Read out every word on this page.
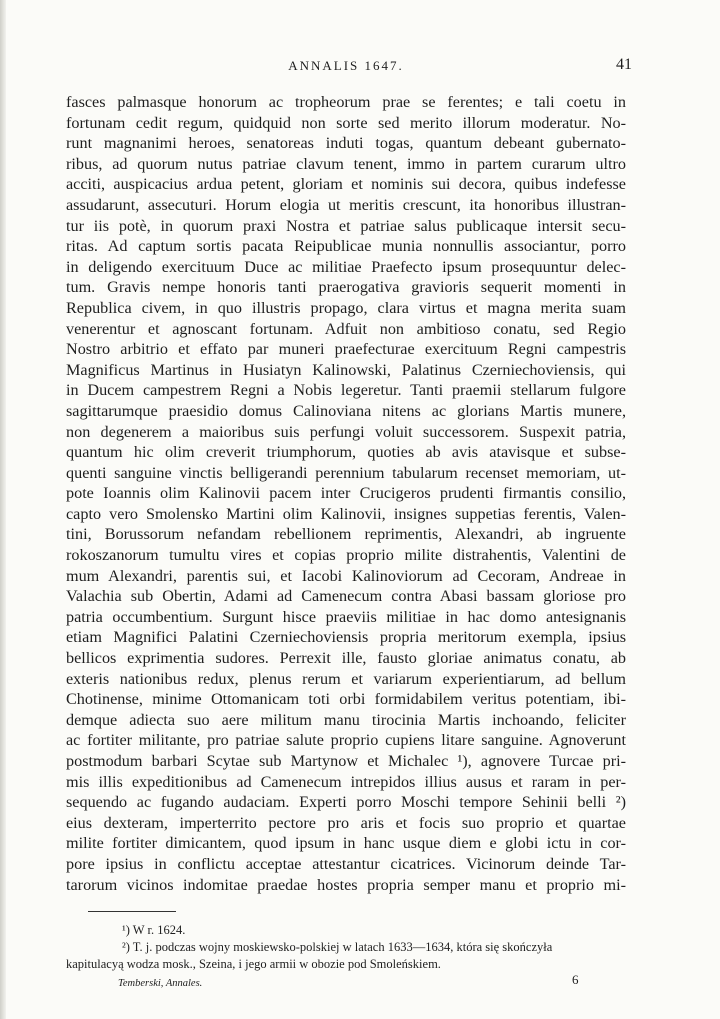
ANNALIS 1647.	41
fasces palmasque honorum ac tropheorum prae se ferentes; e tali coetu in
fortunam cedit regum, quidquid non sorte sed merito illorum moderatur. No-
runt magnanimi heroes, senatoreas induti togas, quantum debeant gubernato-
ribus, ad quorum nutus patriae clavum tenent, immo in partem curarum ultro
acciti, auspicacius ardua petent, gloriam et nominis sui decora, quibus indefesse
assudarunt, assecuturi. Horum elogia ut meritis crescunt, ita honoribus illustran-
tur iis potè, in quorum praxi Nostra et patriae salus publicaque intersit secu-
ritas. Ad captum sortis pacata Reipublicae munia nonnullis associantur, porro
in deligendo exercituum Duce ac militiae Praefecto ipsum prosequuntur delec-
tum. Gravis nempe honoris tanti praerogativa gravioris sequerit momenti in
Republica civem, in quo illustris propago, clara virtus et magna merita suam
venerentur et agnoscant fortunam. Adfuit non ambitioso conatu, sed Regio
Nostro arbitrio et effato par muneri praefecturae exercituum Regni campestris
Magnificus Martinus in Husiatyn Kalinowski, Palatinus Czerniechoviensis, qui
in Ducem campestrem Regni a Nobis legeretur. Tanti praemii stellarum fulgore
sagittarumque praesidio domus Calinoviana nitens ac glorians Martis munere,
non degenerem a maioribus suis perfungi voluit successorem. Suspexit patria,
quantum hic olim creverit triumphorum, quoties ab avis atavisque et subse-
quenti sanguine vinctis belligerandi perennium tabularum recenset memoriam, ut-
pote Ioannis olim Kalinovii pacem inter Crucigeros prudenti firmantis consilio,
capto vero Smolensko Martini olim Kalinovii, insignes suppetias ferentis, Valen-
tini, Borussorum nefandam rebellionem reprimentis, Alexandri, ab ingruente
rokoszanorum tumultu vires et copias proprio milite distrahentis, Valentini de
mum Alexandri, parentis sui, et Iacobi Kalinoviorum ad Cecoram, Andreae in
Valachia sub Obertin, Adami ad Camenecum contra Abasi bassam gloriose pro
patria occumbentium. Surgunt hisce praeviis militiae in hac domo antesignanis
etiam Magnifici Palatini Czerniechoviensis propria meritorum exempla, ipsius
bellicos exprimentia sudores. Perrexit ille, fausto gloriae animatus conatu, ab
exteris nationibus redux, plenus rerum et variarum experientiarum, ad bellum
Chotinense, minime Ottomanicam toti orbi formidabilem veritus potentiam, ibi-
demque adiecta suo aere militum manu tirocinia Martis inchoando, feliciter
ac fortiter militante, pro patriae salute proprio cupiens litare sanguine. Agnoverunt
postmodum barbari Scytae sub Martynow et Michalec ¹), agnovere Turcae pri-
mis illis expeditionibus ad Camenecum intrepidos illius ausus et raram in per-
sequendo ac fugando audaciam. Experti porro Moschi tempore Sehinii belli ²)
eius dexteram, imperterrito pectore pro aris et focis suo proprio et quartae
milite fortiter dimicantem, quod ipsum in hanc usque diem e globi ictu in cor-
pore ipsius in conflictu acceptae attestantur cicatrices. Vicinorum deinde Tar-
tarorum vicinos indomitae praedae hostes propria semper manu et proprio mi-
¹) W r. 1624.
²) T. j. podczas wojny moskiewsko-polskiej w latach 1633—1634, która się skończyła
kapitulacyą wodza mosk., Szeina, i jego armii w obozie pod Smoleńskiem.
Temberski, Annales.	6
